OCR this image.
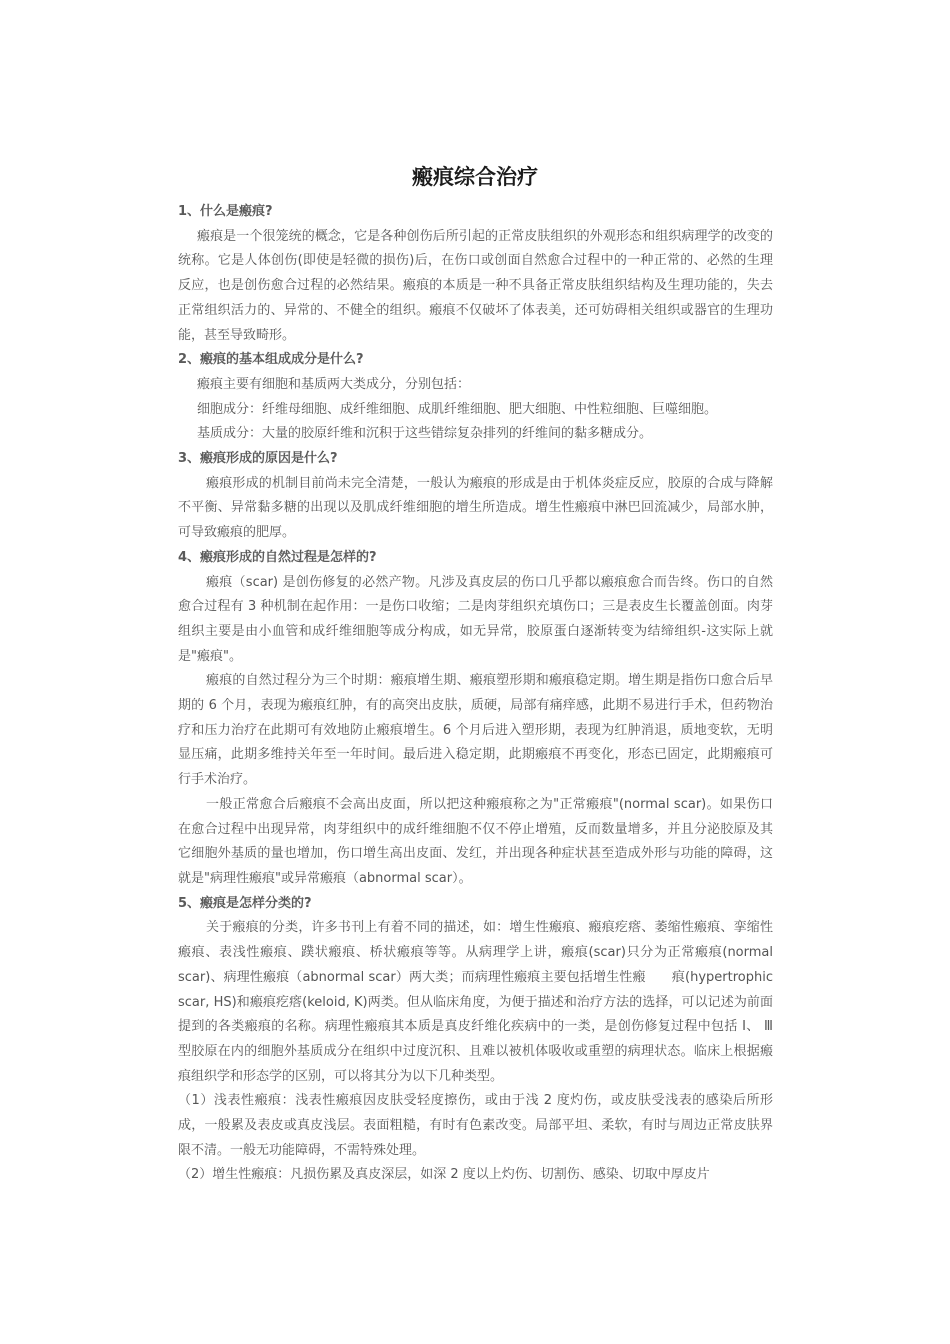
瘢痕综合治疗

1、什么是瘢痕?

瘢痕是一个很笼统的概念，它是各种创伤后所引起的正常皮肤组织的外观形态和组织病理学的改变的统称。它是人体创伤(即使是轻微的损伤)后，在伤口或创面自然愈合过程中的一种正常的、必然的生理反应，也是创伤愈合过程的必然结果。瘢痕的本质是一种不具备正常皮肤组织结构及生理功能的，失去正常组织活力的、异常的、不健全的组织。瘢痕不仅破坏了体表美，还可妨碍相关组织或器官的生理功能，甚至导致畸形。

2、瘢痕的基本组成成分是什么?

瘢痕主要有细胞和基质两大类成分，分别包括：

细胞成分：纤维母细胞、成纤维细胞、成肌纤维细胞、肥大细胞、中性粒细胞、巨噬细胞。

基质成分：大量的胶原纤维和沉积于这些错综复杂排列的纤维间的黏多糖成分。

3、瘢痕形成的原因是什么?

瘢痕形成的机制目前尚未完全清楚，一般认为瘢痕的形成是由于机体炎症反应，胶原的合成与降解不平衡、异常黏多糖的出现以及肌成纤维细胞的增生所造成。增生性瘢痕中淋巴回流减少，局部水肿，可导致瘢痕的肥厚。

4、瘢痕形成的自然过程是怎样的?

瘢痕（scar) 是创伤修复的必然产物。凡涉及真皮层的伤口几乎都以瘢痕愈合而告终。伤口的自然愈合过程有 3 种机制在起作用：一是伤口收缩；二是肉芽组织充填伤口；三是表皮生长覆盖创面。肉芽组织主要是由小血管和成纤维细胞等成分构成，如无异常，胶原蛋白逐渐转变为结缔组织-这实际上就是"瘢痕"。

瘢痕的自然过程分为三个时期：瘢痕增生期、瘢痕塑形期和瘢痕稳定期。增生期是指伤口愈合后早期的 6 个月，表现为瘢痕红肿，有的高突出皮肤，质硬，局部有痛痒感，此期不易进行手术，但药物治疗和压力治疗在此期可有效地防止瘢痕增生。6 个月后进入塑形期，表现为红肿消退，质地变软，无明显压痛，此期多维持关年至一年时间。最后进入稳定期，此期瘢痕不再变化，形态已固定，此期瘢痕可行手术治疗。

一般正常愈合后瘢痕不会高出皮面，所以把这种瘢痕称之为"正常瘢痕"(normal scar)。如果伤口在愈合过程中出现异常，肉芽组织中的成纤维细胞不仅不停止增殖，反而数量增多，并且分泌胶原及其它细胞外基质的量也增加，伤口增生高出皮面、发红，并出现各种症状甚至造成外形与功能的障碍，这就是"病理性瘢痕"或异常瘢痕（abnormal scar）。

5、瘢痕是怎样分类的?

关于瘢痕的分类，许多书刊上有着不同的描述，如：增生性瘢痕、瘢痕疙瘩、萎缩性瘢痕、挛缩性瘢痕、表浅性瘢痕、蹼状瘢痕、桥状瘢痕等等。从病理学上讲，瘢痕(scar)只分为正常瘢痕(normal scar)、病理性瘢痕（abnormal scar）两大类；而病理性瘢痕主要包括增生性瘢　　痕(hypertrophic scar, HS)和瘢痕疙瘩(keloid, K)两类。但从临床角度，为便于描述和治疗方法的选择，可以记述为前面提到的各类瘢痕的名称。病理性瘢痕其本质是真皮纤维化疾病中的一类，是创伤修复过程中包括 Ⅰ、 Ⅲ 型胶原在内的细胞外基质成分在组织中过度沉积、且难以被机体吸收或重塑的病理状态。临床上根据瘢痕组织学和形态学的区别，可以将其分为以下几种类型。

（1）浅表性瘢痕：浅表性瘢痕因皮肤受轻度擦伤，或由于浅 2 度灼伤，或皮肤受浅表的感染后所形成，一般累及表皮或真皮浅层。表面粗糙，有时有色素改变。局部平坦、柔软，有时与周边正常皮肤界限不清。一般无功能障碍，不需特殊处理。

（2）增生性瘢痕：凡损伤累及真皮深层，如深 2 度以上灼伤、切割伤、感染、切取中厚皮片
